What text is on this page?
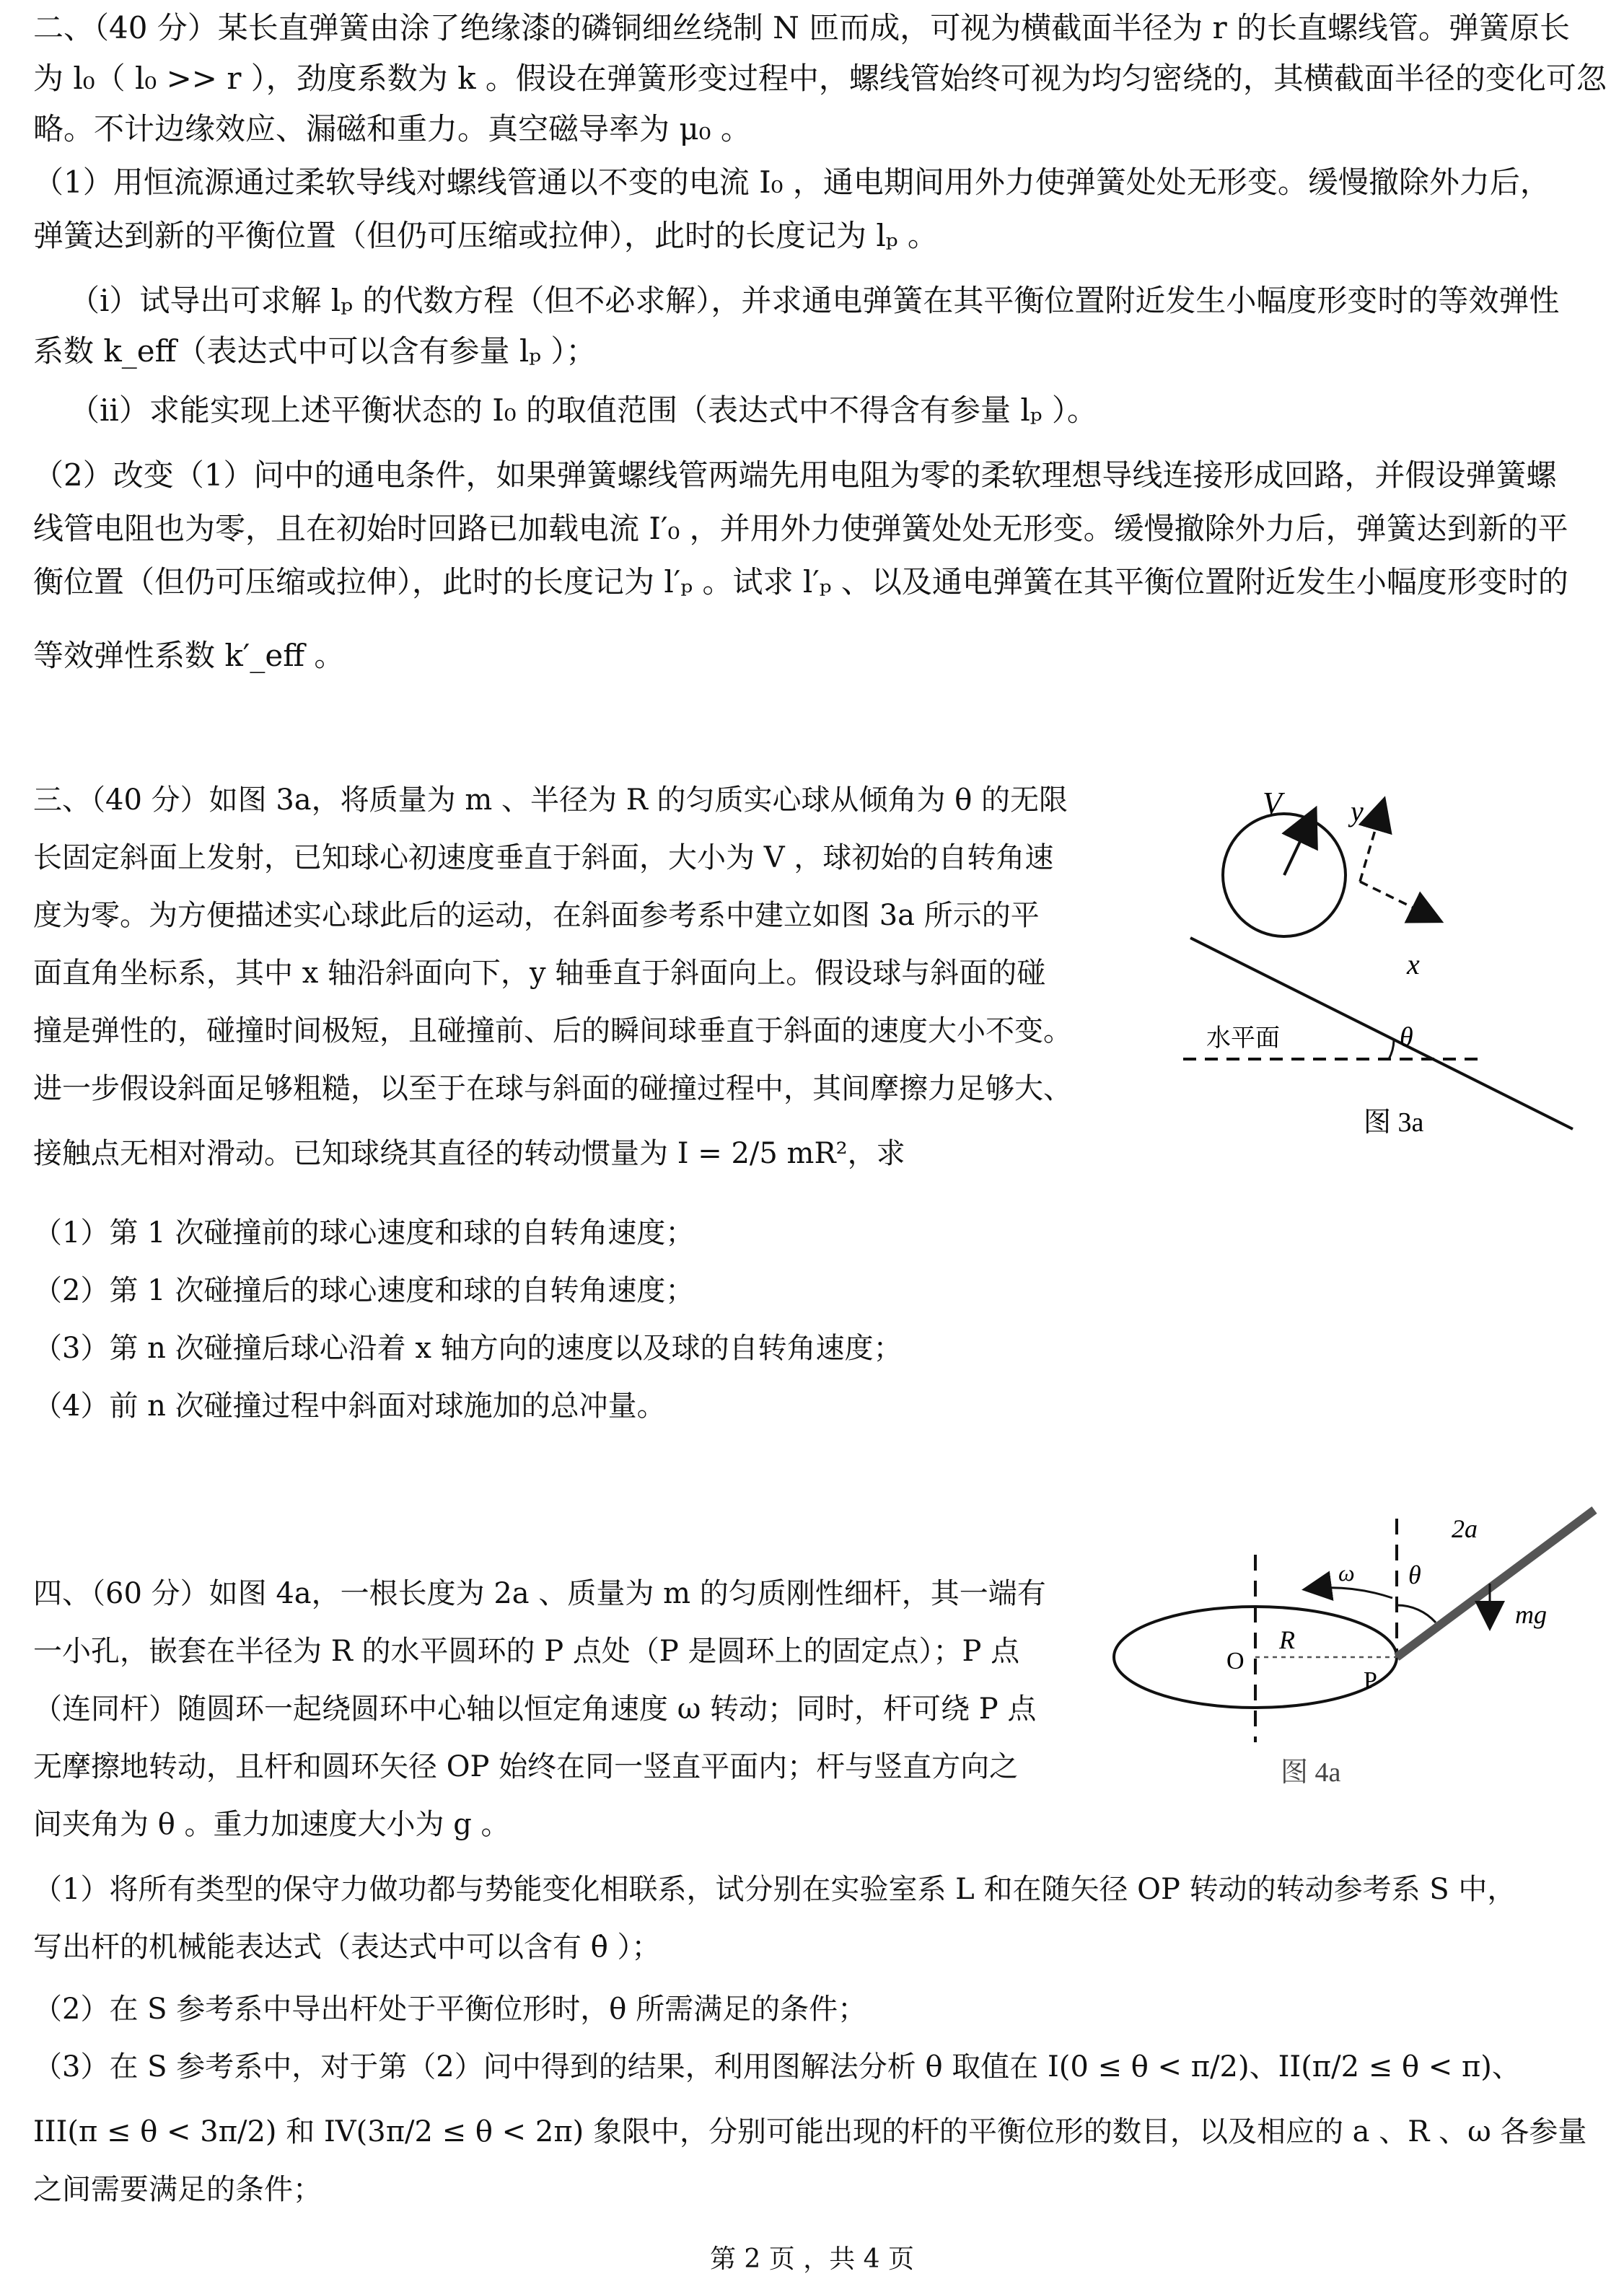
二、（40 分）某长直弹簧由涂了绝缘漆的磷铜细丝绕制 N 匝而成，可视为横截面半径为 r 的长直螺线管。弹簧原长
为 l₀（ l₀ >> r ），劲度系数为 k 。假设在弹簧形变过程中，螺线管始终可视为均匀密绕的，其横截面半径的变化可忽
略。不计边缘效应、漏磁和重力。真空磁导率为 μ₀ 。
（1）用恒流源通过柔软导线对螺线管通以不变的电流 I₀ ，通电期间用外力使弹簧处处无形变。缓慢撤除外力后，
弹簧达到新的平衡位置（但仍可压缩或拉伸），此时的长度记为 lₚ 。
（i）试导出可求解 lₚ 的代数方程（但不必求解），并求通电弹簧在其平衡位置附近发生小幅度形变时的等效弹性
系数 k_eff（表达式中可以含有参量 lₚ ）；
（ii）求能实现上述平衡状态的 I₀ 的取值范围（表达式中不得含有参量 lₚ ）。
（2）改变（1）问中的通电条件，如果弹簧螺线管两端先用电阻为零的柔软理想导线连接形成回路，并假设弹簧螺
线管电阻也为零，且在初始时回路已加载电流 I′₀ ，并用外力使弹簧处处无形变。缓慢撤除外力后，弹簧达到新的平
衡位置（但仍可压缩或拉伸），此时的长度记为 l′ₚ 。试求 l′ₚ 、以及通电弹簧在其平衡位置附近发生小幅度形变时的
等效弹性系数 k′_eff 。
三、（40 分）如图 3a，将质量为 m 、半径为 R 的匀质实心球从倾角为 θ 的无限
长固定斜面上发射，已知球心初速度垂直于斜面，大小为 V ，球初始的自转角速
度为零。为方便描述实心球此后的运动，在斜面参考系中建立如图 3a 所示的平
面直角坐标系，其中 x 轴沿斜面向下，y 轴垂直于斜面向上。假设球与斜面的碰
撞是弹性的，碰撞时间极短，且碰撞前、后的瞬间球垂直于斜面的速度大小不变。
进一步假设斜面足够粗糙，以至于在球与斜面的碰撞过程中，其间摩擦力足够大、
接触点无相对滑动。已知球绕其直径的转动惯量为 I = 2/5 mR²，求
（1）第 1 次碰撞前的球心速度和球的自转角速度；
（2）第 1 次碰撞后的球心速度和球的自转角速度；
（3）第 n 次碰撞后球心沿着 x 轴方向的速度以及球的自转角速度；
（4）前 n 次碰撞过程中斜面对球施加的总冲量。
θ
V y
x
水平面
图 3a
四、（60 分）如图 4a，一根长度为 2a 、质量为 m 的匀质刚性细杆，其一端有
一小孔，嵌套在半径为 R 的水平圆环的 P 点处（P 是圆环上的固定点）；P 点
（连同杆）随圆环一起绕圆环中心轴以恒定角速度 ω 转动；同时，杆可绕 P 点
无摩擦地转动，且杆和圆环矢径 OP 始终在同一竖直平面内；杆与竖直方向之
间夹角为 θ 。重力加速度大小为 g 。
（1）将所有类型的保守力做功都与势能变化相联系，试分别在实验室系 L 和在随矢径 OP 转动的转动参考系 S 中，
写出杆的机械能表达式（表达式中可以含有 θ̇ ）；
（2）在 S 参考系中导出杆处于平衡位形时，θ 所需满足的条件；
（3）在 S 参考系中，对于第（2）问中得到的结果，利用图解法分析 θ 取值在 I(0 ≤ θ < π/2)、II(π/2 ≤ θ < π)、
III(π ≤ θ < 3π/2) 和 IV(3π/2 ≤ θ < 2π) 象限中，分别可能出现的杆的平衡位形的数目，以及相应的 a 、R 、ω 各参量
之间需要满足的条件；
θ
ω
mg
2a
R
O
P
图 4a
第 2 页 ，共 4 页
